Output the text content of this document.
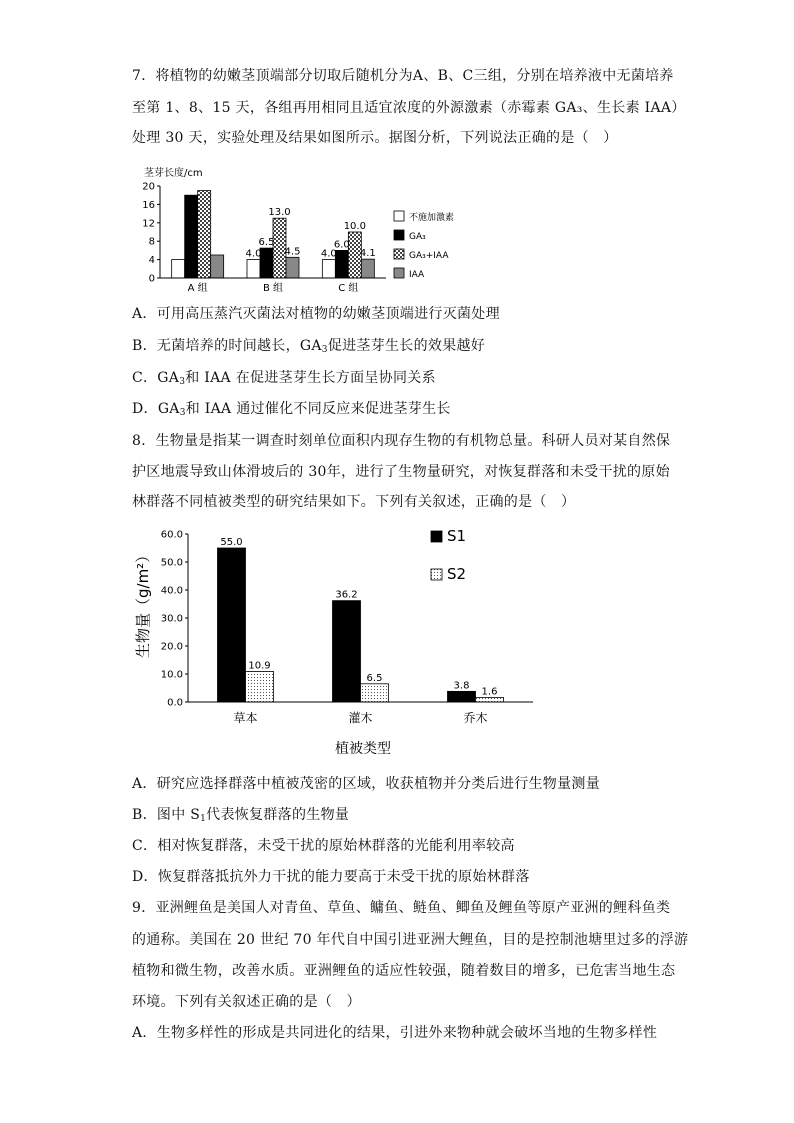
7．将植物的幼嫩茎顶端部分切取后随机分为A、B、C三组，分别在培养液中无菌培养
至第 1、8、15 天，各组再用相同且适宜浓度的外源激素（赤霉素 GA₃、生长素 IAA）
处理 30 天，实验处理及结果如图所示。据图分析，下列说法正确的是（　）
0
4
8
12
16
20
4.0
6.5
13.0
4.5 4.0
6.0
10.0
4.1
A 组	B 组	C 组
不施加激素
GA₃
GA₃+IAA
IAA
茎芽长度/cm
A．可用高压蒸汽灭菌法对植物的幼嫩茎顶端进行灭菌处理
B．无菌培养的时间越长，$GA_3$促进茎芽生长的效果越好
C．$GA_3$和 IAA 在促进茎芽生长方面呈协同关系
D．$GA_3$和 IAA 通过催化不同反应来促进茎芽生长
8．生物量是指某一调查时刻单位面积内现存生物的有机物总量。科研人员对某自然保
护区地震导致山体滑坡后的 30年，进行了生物量研究，对恢复群落和未受干扰的原始
林群落不同植被类型的研究结果如下。下列有关叙述，正确的是（　）
0.0
10.0
20.0
30.0
40.0
50.0
60.0
55.0
10.9
36.2
6.5
3.8
1.6
草本	灌木	乔木
S1
S2
生物量（g/m²）
植被类型
A．研究应选择群落中植被茂密的区域，收获植物并分类后进行生物量测量
B．图中 $S_1$代表恢复群落的生物量
C．相对恢复群落，未受干扰的原始林群落的光能利用率较高
D．恢复群落抵抗外力干扰的能力要高于未受干扰的原始林群落
9．亚洲鲤鱼是美国人对青鱼、草鱼、鳙鱼、鲢鱼、鲫鱼及鲤鱼等原产亚洲的鲤科鱼类
的通称。美国在 20 世纪 70 年代自中国引进亚洲大鲤鱼，目的是控制池塘里过多的浮游
植物和微生物，改善水质。亚洲鲤鱼的适应性较强，随着数目的增多，已危害当地生态
环境。下列有关叙述正确的是（　）
A．生物多样性的形成是共同进化的结果，引进外来物种就会破坏当地的生物多样性
